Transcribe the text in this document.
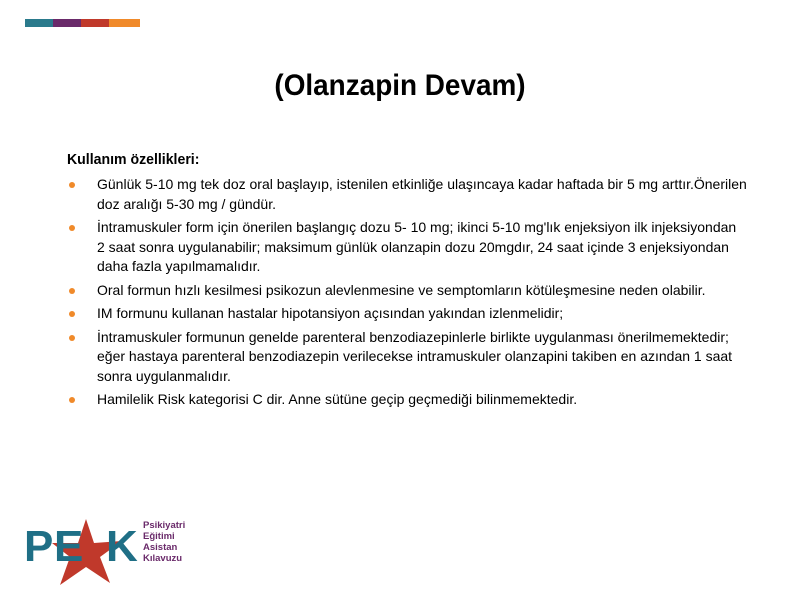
(Olanzapin Devam)
Kullanım özellikleri:
Günlük 5-10 mg tek doz oral başlayıp, istenilen etkinliğe ulaşıncaya kadar haftada bir 5 mg arttır.Önerilen doz aralığı 5-30 mg / gündür.
İntramuskuler form için önerilen başlangıç dozu 5- 10 mg; ikinci 5-10 mg'lık enjeksiyon ilk injeksiyondan 2 saat sonra uygulanabilir; maksimum günlük olanzapin dozu 20mgdır, 24 saat içinde 3 enjeksiyondan daha fazla yapılmamalıdır.
Oral formun hızlı kesilmesi psikozun alevlenmesine ve semptomların kötüleşmesine neden olabilir.
IM formunu kullanan hastalar hipotansiyon açısından yakından izlenmelidir;
İntramuskuler formunun genelde parenteral benzodiazepinlerle birlikte uygulanması önerilmemektedir; eğer hastaya parenteral benzodiazepin verilecekse intramuskuler olanzapini takiben en azından 1 saat sonra uygulanmalıdır.
Hamilelik Risk kategorisi C dir. Anne sütüne geçip geçmediği bilinmemektedir.
P E K Psikiyatri
Eğitimi
Asistan
Kılavuzu
